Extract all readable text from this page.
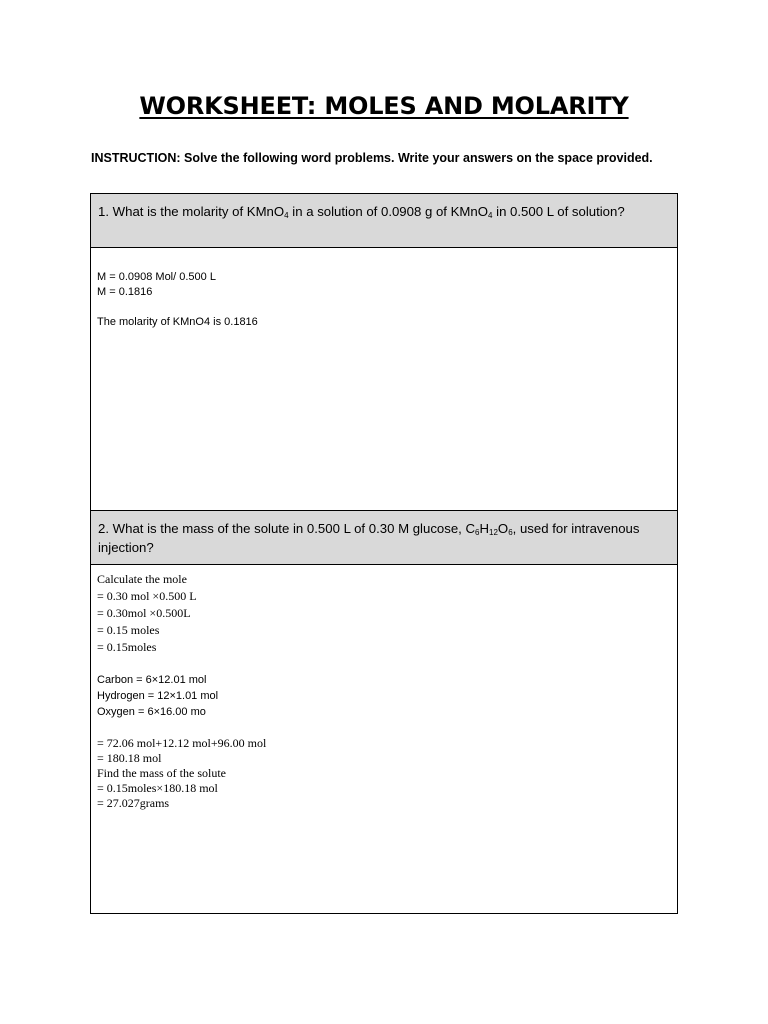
WORKSHEET: MOLES AND MOLARITY
INSTRUCTION: Solve the following word problems. Write your answers on the space provided.
1. What is the molarity of KMnO$_4$ in a solution of 0.0908 g of KMnO$_4$ in 0.500 L of solution?
M = 0.0908 Mol/ 0.500 L
M = 0.1816
The molarity of KMnO4 is 0.1816
2. What is the mass of the solute in 0.500 L of 0.30 M glucose, $C_6H_{12}O_6$, used for intravenous injection?
Calculate the mole
= 0.30 mol ×0.500 L
= 0.30mol ×0.500L
= 0.15 moles
= 0.15moles
Carbon = 6×12.01 mol
Hydrogen = 12×1.01 mol
Oxygen = 6×16.00 mo
= 72.06 mol+12.12 mol+96.00 mol
= 180.18 mol
Find the mass of the solute
= 0.15moles×180.18 mol
= 27.027grams
